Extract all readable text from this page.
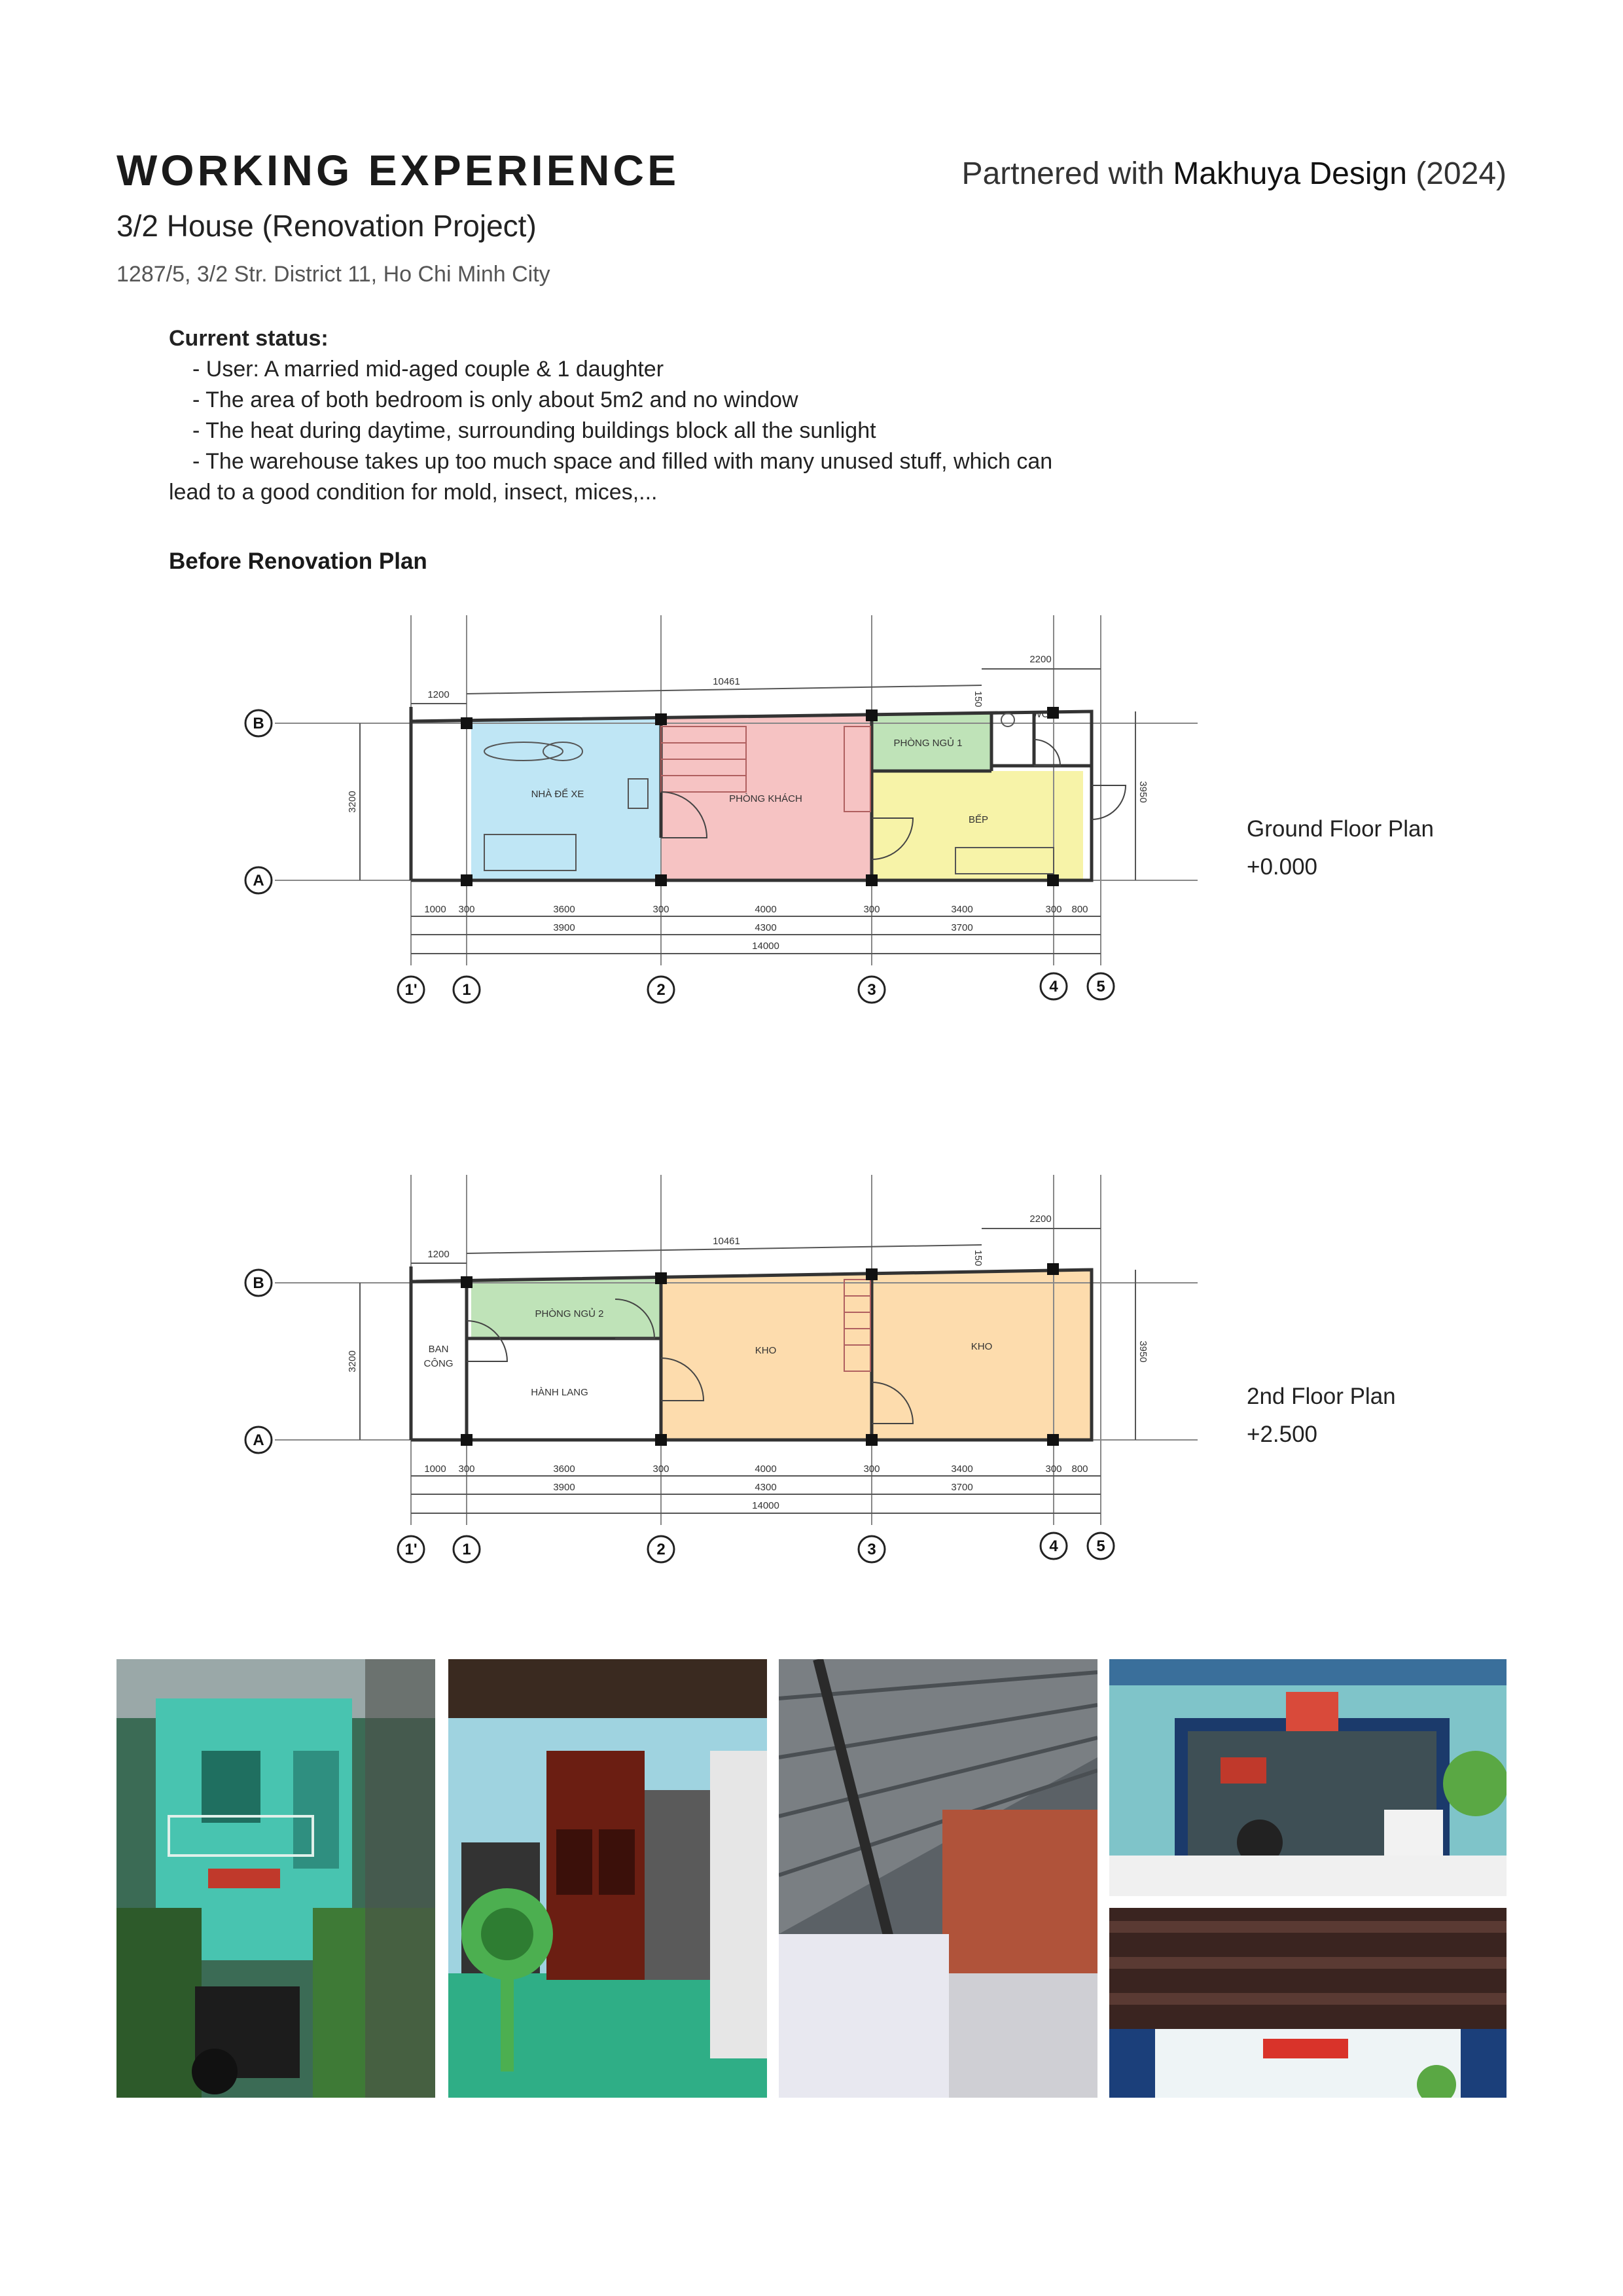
WORKING EXPERIENCE	Partnered with Makhuya Design (2024)
3/2 House (Renovation Project)
1287/5, 3/2 Str. District 11, Ho Chi Minh City
Current status:
- User: A married mid-aged couple & 1 daughter
- The area of both bedroom is only about 5m2 and no window
- The heat during daytime, surrounding buildings block all the sunlight
- The warehouse takes up too much space and filled with many unused stuff, which can
lead to a good condition for mold, insect, mices,...
Before Renovation Plan
NHÀ ĐỂ XE	PHÒNG KHÁCH
PHÒNG NGỦ 1
WC
BẾP
1200
10461
2200
150
3200	3950
1000 300	3600	300	4000	300	3400	300 800
3900	4300	3700
14000
B
A
1'	1	2	3	4 5
BAN
CÔNG
PHÒNG NGỦ 2
HÀNH LANG
KHO	KHO
1200
10461
2200
150
3200	3950
1000 300	3600	300	4000	300	3400	300 800
3900	4300	3700
14000
B
A
1'	1	2	3	4 5
Ground Floor Plan
+0.000
2nd Floor Plan
+2.500
